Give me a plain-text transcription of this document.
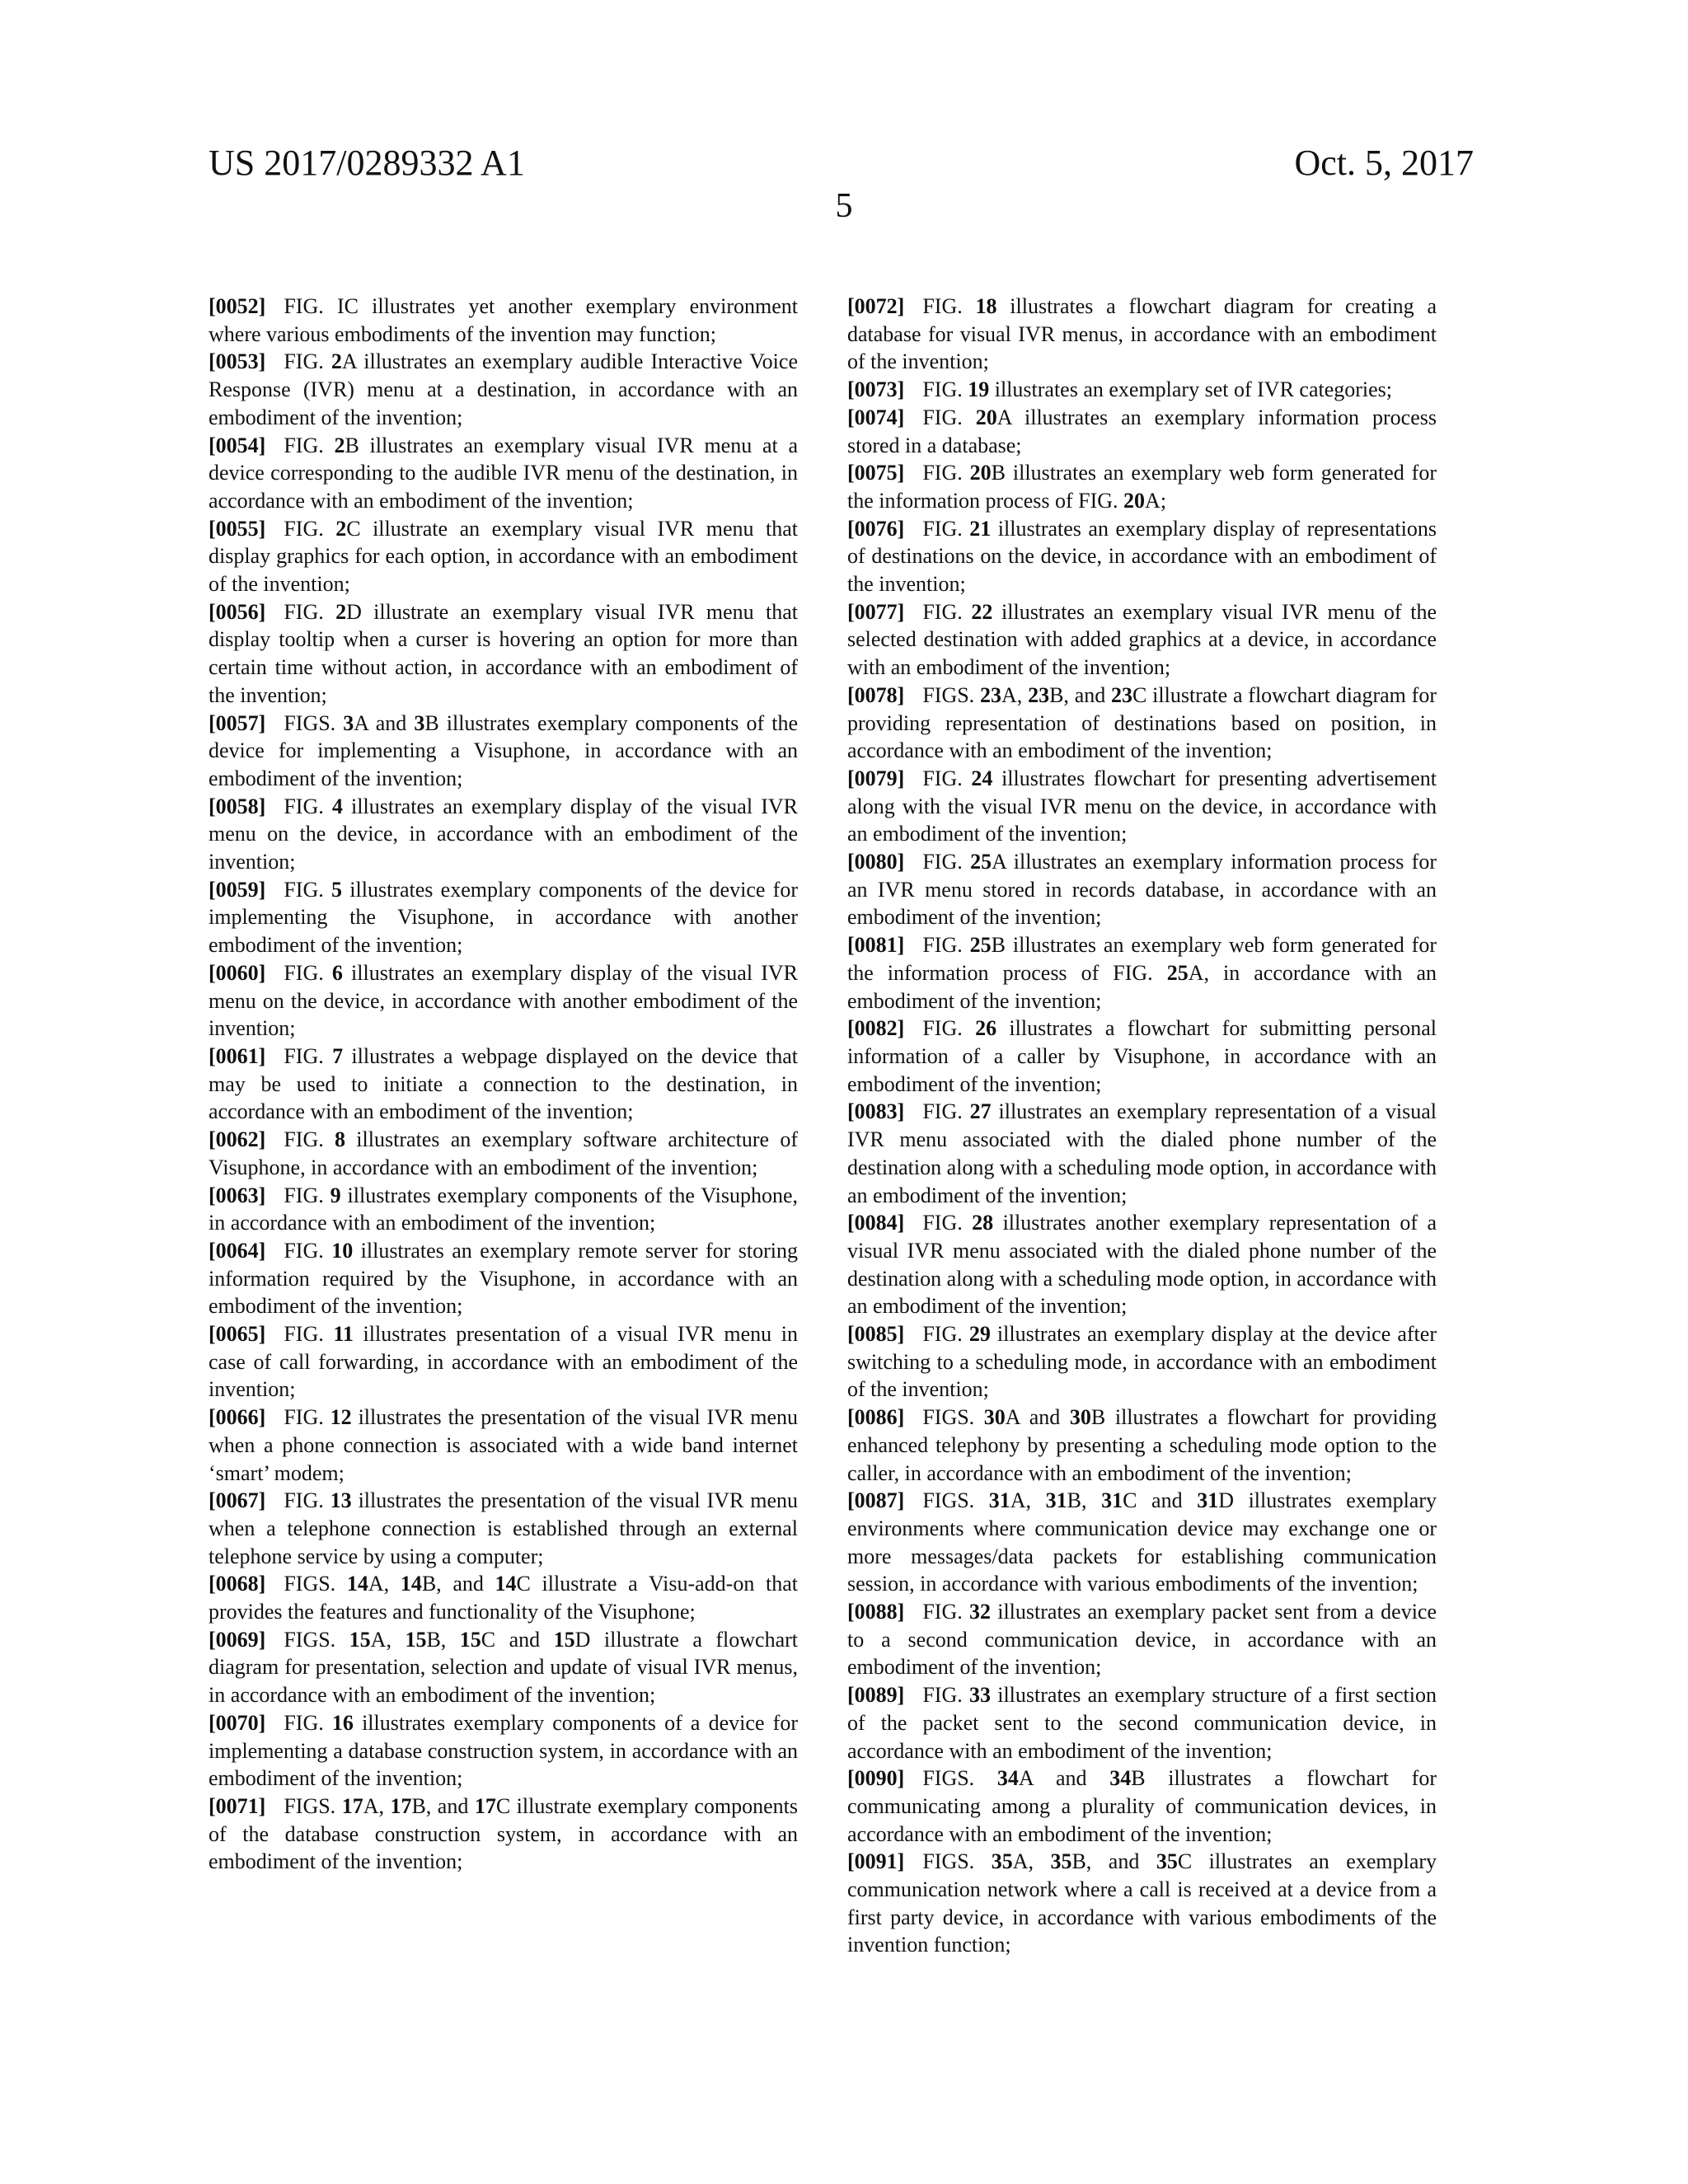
US 2017/0289332 A1	Oct. 5, 2017
5

[0052] FIG. IC illustrates yet another exemplary environment where various embodiments of the invention may function;

[0053] FIG. 2A illustrates an exemplary audible Interactive Voice Response (IVR) menu at a destination, in accordance with an embodiment of the invention;

[0054] FIG. 2B illustrates an exemplary visual IVR menu at a device corresponding to the audible IVR menu of the destination, in accordance with an embodiment of the invention;

[0055] FIG. 2C illustrate an exemplary visual IVR menu that display graphics for each option, in accordance with an embodiment of the invention;

[0056] FIG. 2D illustrate an exemplary visual IVR menu that display tooltip when a curser is hovering an option for more than certain time without action, in accordance with an embodiment of the invention;

[0057] FIGS. 3A and 3B illustrates exemplary components of the device for implementing a Visuphone, in accordance with an embodiment of the invention;

[0058] FIG. 4 illustrates an exemplary display of the visual IVR menu on the device, in accordance with an embodiment of the invention;

[0059] FIG. 5 illustrates exemplary components of the device for implementing the Visuphone, in accordance with another embodiment of the invention;

[0060] FIG. 6 illustrates an exemplary display of the visual IVR menu on the device, in accordance with another embodiment of the invention;

[0061] FIG. 7 illustrates a webpage displayed on the device that may be used to initiate a connection to the destination, in accordance with an embodiment of the invention;

[0062] FIG. 8 illustrates an exemplary software architecture of Visuphone, in accordance with an embodiment of the invention;

[0063] FIG. 9 illustrates exemplary components of the Visuphone, in accordance with an embodiment of the invention;

[0064] FIG. 10 illustrates an exemplary remote server for storing information required by the Visuphone, in accordance with an embodiment of the invention;

[0065] FIG. 11 illustrates presentation of a visual IVR menu in case of call forwarding, in accordance with an embodiment of the invention;

[0066] FIG. 12 illustrates the presentation of the visual IVR menu when a phone connection is associated with a wide band internet ‘smart’ modem;

[0067] FIG. 13 illustrates the presentation of the visual IVR menu when a telephone connection is established through an external telephone service by using a computer;

[0068] FIGS. 14A, 14B, and 14C illustrate a Visu-add-on that provides the features and functionality of the Visuphone;

[0069] FIGS. 15A, 15B, 15C and 15D illustrate a flowchart diagram for presentation, selection and update of visual IVR menus, in accordance with an embodiment of the invention;

[0070] FIG. 16 illustrates exemplary components of a device for implementing a database construction system, in accordance with an embodiment of the invention;

[0071] FIGS. 17A, 17B, and 17C illustrate exemplary components of the database construction system, in accordance with an embodiment of the invention;

[0072] FIG. 18 illustrates a flowchart diagram for creating a database for visual IVR menus, in accordance with an embodiment of the invention;

[0073] FIG. 19 illustrates an exemplary set of IVR categories;

[0074] FIG. 20A illustrates an exemplary information process stored in a database;

[0075] FIG. 20B illustrates an exemplary web form generated for the information process of FIG. 20A;

[0076] FIG. 21 illustrates an exemplary display of representations of destinations on the device, in accordance with an embodiment of the invention;

[0077] FIG. 22 illustrates an exemplary visual IVR menu of the selected destination with added graphics at a device, in accordance with an embodiment of the invention;

[0078] FIGS. 23A, 23B, and 23C illustrate a flowchart diagram for providing representation of destinations based on position, in accordance with an embodiment of the invention;

[0079] FIG. 24 illustrates flowchart for presenting advertisement along with the visual IVR menu on the device, in accordance with an embodiment of the invention;

[0080] FIG. 25A illustrates an exemplary information process for an IVR menu stored in records database, in accordance with an embodiment of the invention;

[0081] FIG. 25B illustrates an exemplary web form generated for the information process of FIG. 25A, in accordance with an embodiment of the invention;

[0082] FIG. 26 illustrates a flowchart for submitting personal information of a caller by Visuphone, in accordance with an embodiment of the invention;

[0083] FIG. 27 illustrates an exemplary representation of a visual IVR menu associated with the dialed phone number of the destination along with a scheduling mode option, in accordance with an embodiment of the invention;

[0084] FIG. 28 illustrates another exemplary representation of a visual IVR menu associated with the dialed phone number of the destination along with a scheduling mode option, in accordance with an embodiment of the invention;

[0085] FIG. 29 illustrates an exemplary display at the device after switching to a scheduling mode, in accordance with an embodiment of the invention;

[0086] FIGS. 30A and 30B illustrates a flowchart for providing enhanced telephony by presenting a scheduling mode option to the caller, in accordance with an embodiment of the invention;

[0087] FIGS. 31A, 31B, 31C and 31D illustrates exemplary environments where communication device may exchange one or more messages/data packets for establishing communication session, in accordance with various embodiments of the invention;

[0088] FIG. 32 illustrates an exemplary packet sent from a device to a second communication device, in accordance with an embodiment of the invention;

[0089] FIG. 33 illustrates an exemplary structure of a first section of the packet sent to the second communication device, in accordance with an embodiment of the invention;

[0090] FIGS. 34A and 34B illustrates a flowchart for communicating among a plurality of communication devices, in accordance with an embodiment of the invention;

[0091] FIGS. 35A, 35B, and 35C illustrates an exemplary communication network where a call is received at a device from a first party device, in accordance with various embodiments of the invention function;
